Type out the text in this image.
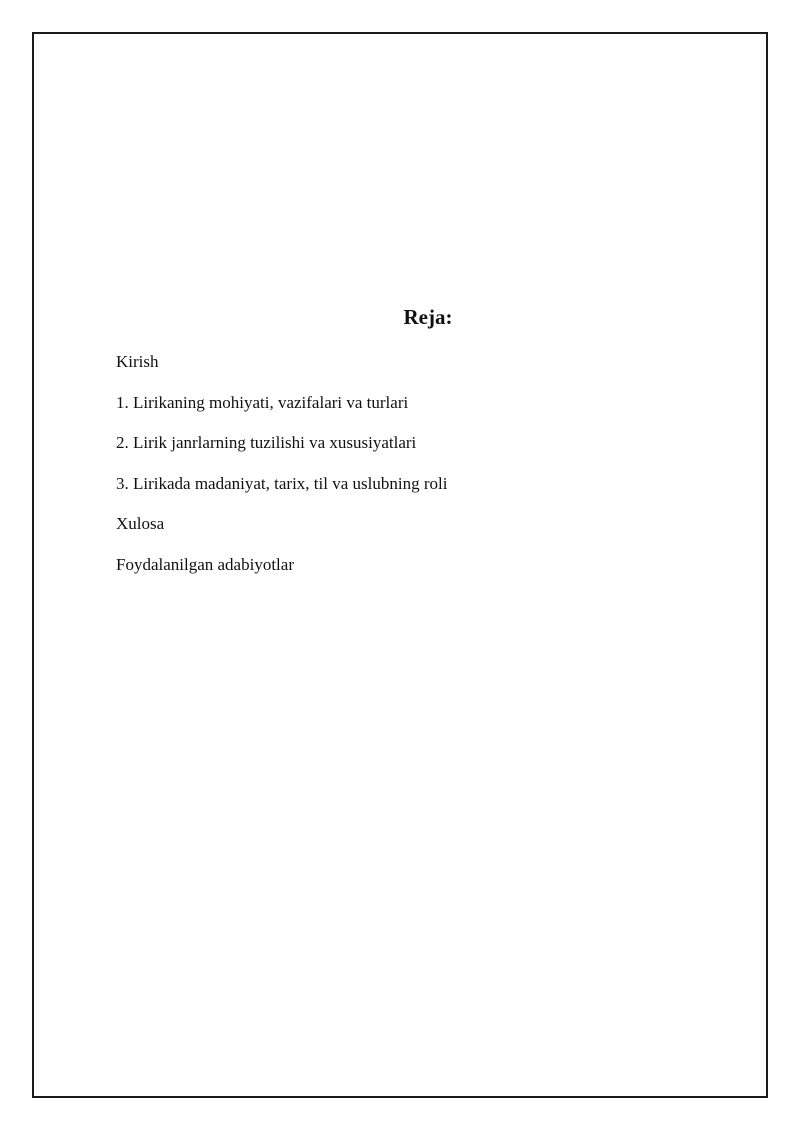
Reja:
Kirish
1. Lirikaning mohiyati, vazifalari va turlari
2. Lirik janrlarning tuzilishi va xususiyatlari
3. Lirikada madaniyat, tarix, til va uslubning roli
Xulosa
Foydalanilgan adabiyotlar
